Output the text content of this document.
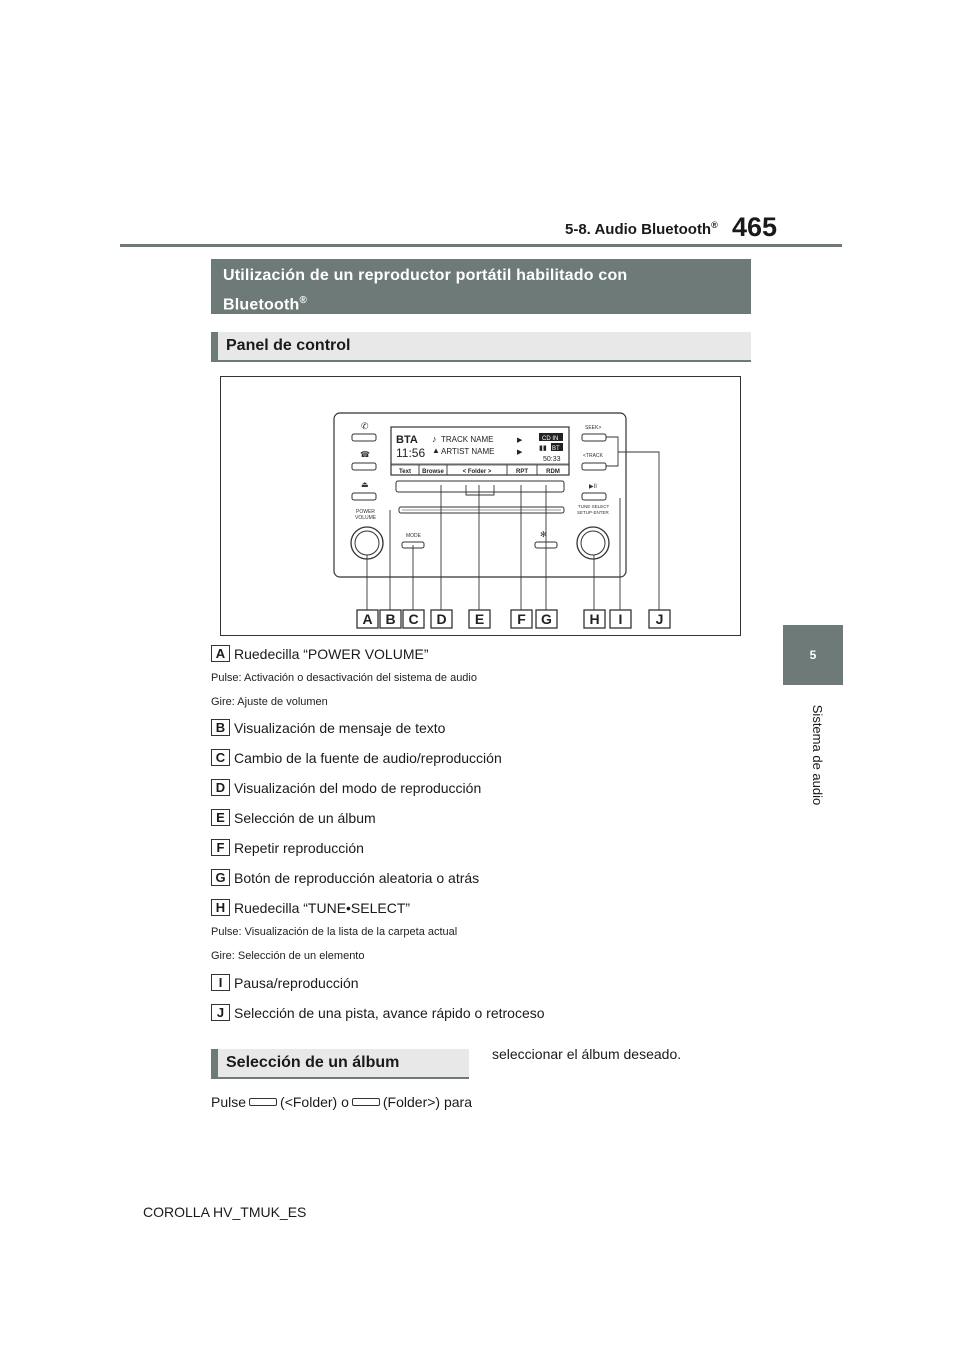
465
5-8. Audio Bluetooth®
5
Sistema de audio
Utilización de un reproductor portátil habilitado con
Bluetooth®
Panel de control
BTA
11:56
♪ TRACK NAME
▲ ARTIST NAME
▶
▶
CD IN
▮▮ BT
50:33
Text Browse	< Folder >	RPT	RDM
✆
☎
⏏
POWER
VOLUME
MODE	✻
SEEK>
<TRACK
▶II
TUNE·SELECT
SETUP·ENTER
A B C D E F G	H I J
A Ruedecilla “POWER VOLUME”
Pulse: Activación o desactivación del sistema de audio
Gire: Ajuste de volumen
B Visualización de mensaje de texto
C Cambio de la fuente de audio/reproducción
D Visualización del modo de reproducción
E Selección de un álbum
F Repetir reproducción
G Botón de reproducción aleatoria o atrás
H Ruedecilla “TUNE•SELECT”
Pulse: Visualización de la lista de la carpeta actual
Gire: Selección de un elemento
I Pausa/reproducción
J Selección de una pista, avance rápido o retroceso
Selección de un álbum	seleccionar el álbum deseado.
Pulse (<Folder) o (Folder>) para
COROLLA HV_TMUK_ES
